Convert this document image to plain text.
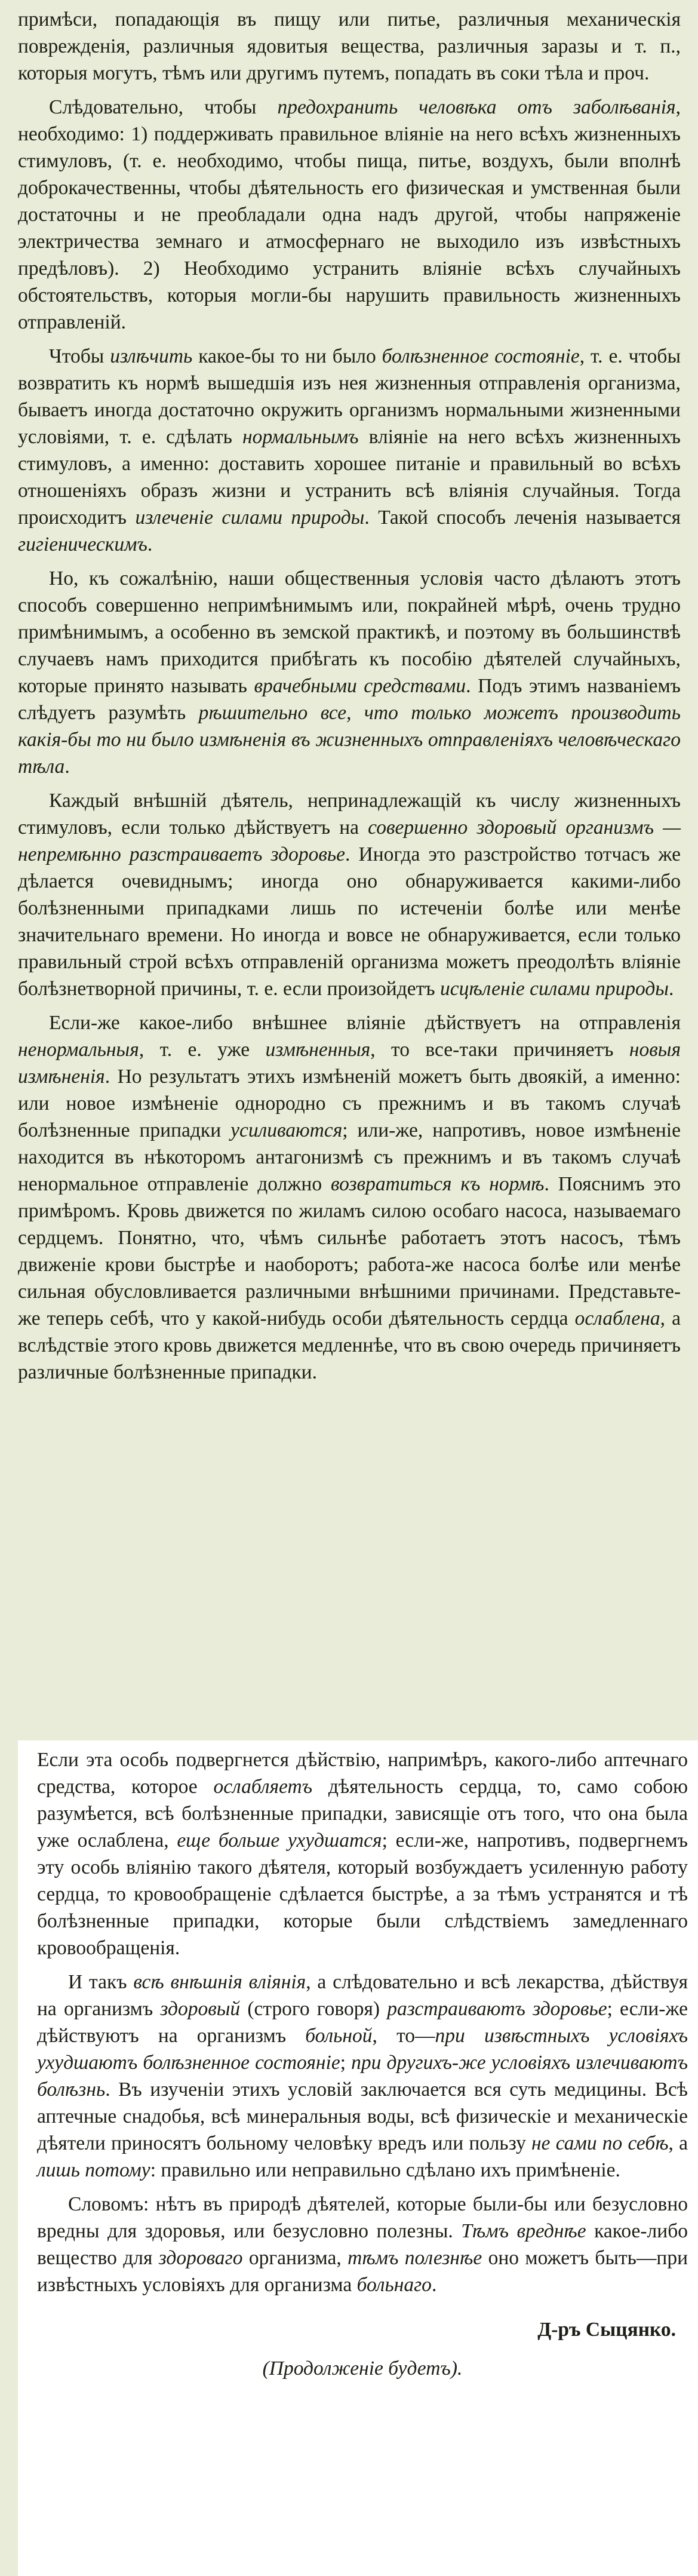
примѣси, попадающія въ пищу или питье, различныя механическія поврежденія, различныя ядовитыя вещества, различныя заразы и т. п., которыя могутъ, тѣмъ или другимъ путемъ, попадать въ соки тѣла и проч.

Слѣдовательно, чтобы предохранить человѣка отъ заболѣванія, необходимо: 1) поддерживать правильное вліяніе на него всѣхъ жизненныхъ стимуловъ, (т. е. необходимо, чтобы пища, питье, воздухъ, были вполнѣ доброкачественны, чтобы дѣятельность его физическая и умственная были достаточны и не преобладали одна надъ другой, чтобы напряженіе электричества земнаго и атмосфернаго не выходило изъ извѣстныхъ предѣловъ). 2) Необходимо устранить вліяніе всѣхъ случайныхъ обстоятельствъ, которыя могли-бы нарушить правильность жизненныхъ отправленій.

Чтобы излѣчить какое-бы то ни было болѣзненное состояніе, т. е. чтобы возвратить къ нормѣ вышедшія изъ нея жизненныя отправленія организма, бываетъ иногда достаточно окружить организмъ нормальными жизненными условіями, т. е. сдѣлать нормальнымъ вліяніе на него всѣхъ жизненныхъ стимуловъ, а именно: доставить хорошее питаніе и правильный во всѣхъ отношеніяхъ образъ жизни и устранить всѣ вліянія случайныя. Тогда происходитъ излеченіе силами природы. Такой способъ леченія называется гигіеническимъ.

Но, къ сожалѣнію, наши общественныя условія часто дѣлаютъ этотъ способъ совершенно непримѣнимымъ или, покрайней мѣрѣ, очень трудно примѣнимымъ, а особенно въ земской практикѣ, и поэтому въ большинствѣ случаевъ намъ приходится прибѣгать къ пособію дѣятелей случайныхъ, которые принято называть врачебными средствами. Подъ этимъ названіемъ слѣдуетъ разумѣть рѣшительно все, что только можетъ производить какія-бы то ни было измѣненія въ жизненныхъ отправленіяхъ человѣческаго тѣла.

Каждый внѣшній дѣятель, непринадлежащій къ числу жизненныхъ стимуловъ, если только дѣйствуетъ на совершенно здоровый организмъ — непремѣнно разстраиваетъ здоровье. Иногда это разстройство тотчасъ же дѣлается очевиднымъ; иногда оно обнаруживается какими-либо болѣзненными припадками лишь по истеченіи болѣе или менѣе значительнаго времени. Но иногда и вовсе не обнаруживается, если только правильный строй всѣхъ отправленій организма можетъ преодолѣть вліяніе болѣзнетворной причины, т. е. если произойдетъ исцѣленіе силами природы.

Если-же какое-либо внѣшнее вліяніе дѣйствуетъ на отправленія ненормальныя, т. е. уже измѣненныя, то все-таки причиняетъ новыя измѣненія. Но результатъ этихъ измѣненій можетъ быть двоякій, а именно: или новое измѣненіе однородно съ прежнимъ и въ такомъ случаѣ болѣзненные припадки усиливаются; или-же, напротивъ, новое измѣненіе находится въ нѣкоторомъ антагонизмѣ съ прежнимъ и въ такомъ случаѣ ненормальное отправленіе должно возвратиться къ нормѣ. Пояснимъ это примѣромъ. Кровь движется по жиламъ силою особаго насоса, называемаго сердцемъ. Понятно, что, чѣмъ сильнѣе работаетъ этотъ насосъ, тѣмъ движеніе крови быстрѣе и наоборотъ; работа-же насоса болѣе или менѣе сильная обусловливается различными внѣшними причинами. Представьте-же теперь себѣ, что у какой-нибудь особи дѣятельность сердца ослаблена, а вслѣдствіе этого кровь движется медленнѣе, что въ свою очередь причиняетъ различные болѣзненные припадки.

Если эта особь подвергнется дѣйствію, напримѣръ, какого-либо аптечнаго средства, которое ослабляетъ дѣятельность сердца, то, само собою разумѣется, всѣ болѣзненные припадки, зависящіе отъ того, что она была уже ослаблена, еще больше ухудшатся; если-же, напротивъ, подвергнемъ эту особь вліянію такого дѣятеля, который возбуждаетъ усиленную работу сердца, то кровообращеніе сдѣлается быстрѣе, а за тѣмъ устранятся и тѣ болѣзненные припадки, которые были слѣдствіемъ замедленнаго кровообращенія.

И такъ всѣ внѣшнія вліянія, а слѣдовательно и всѣ лекарства, дѣйствуя на организмъ здоровый (строго говоря) разстраиваютъ здоровье; если-же дѣйствуютъ на организмъ больной, то—при извѣстныхъ условіяхъ ухудшаютъ болѣзненное состояніе; при другихъ-же условіяхъ излечиваютъ болѣзнь. Въ изученіи этихъ условій заключается вся суть медицины. Всѣ аптечные снадобья, всѣ минеральныя воды, всѣ физическіе и механическіе дѣятели приносятъ больному человѣку вредъ или пользу не сами по себѣ, а лишь потому: правильно или неправильно сдѣлано ихъ примѣненіе.

Словомъ: нѣтъ въ природѣ дѣятелей, которые были-бы или безусловно вредны для здоровья, или безусловно полезны. Тѣмъ вреднѣе какое-либо вещество для здороваго организма, тѣмъ полезнѣе оно можетъ быть—при извѣстныхъ условіяхъ для организма больнаго.

Д-ръ Сыцянко.

(Продолженіе будетъ).
